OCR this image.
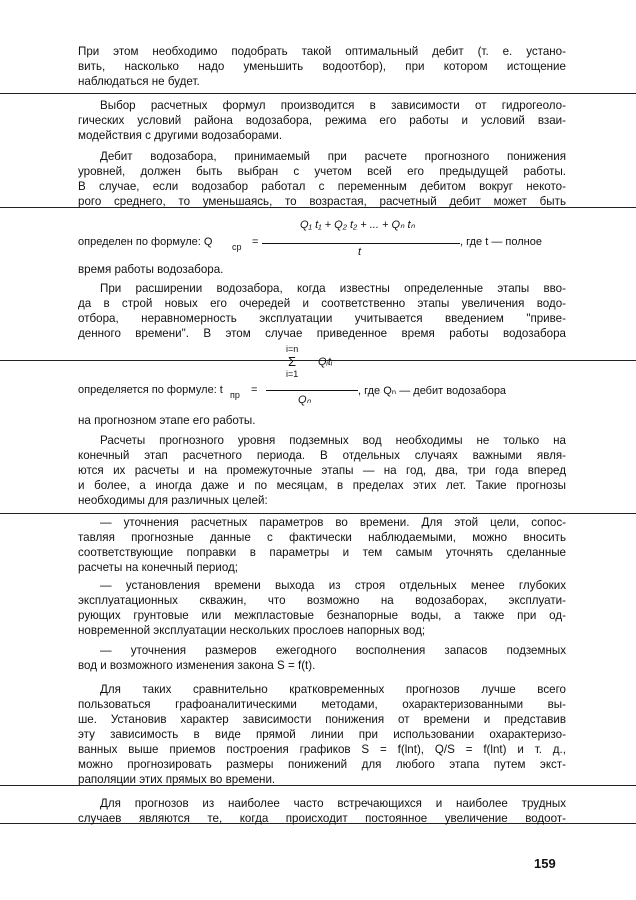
При этом необходимо подобрать такой оптимальный дебит (т. е. устано-
вить, насколько надо уменьшить водоотбор), при котором истощение
наблюдаться не будет.
Выбор расчетных формул производится в зависимости от гидрогеоло-
гических условий района водозабора, режима его работы и условий взаи-
модействия с другими водозаборами.
Дебит водозабора, принимаемый при расчете прогнозного понижения
уровней, должен быть выбран с учетом всей его предыдущей работы.
В случае, если водозабор работал с переменным дебитом вокруг некото-
рого среднего, то уменьшаясь, то возрастая, расчетный дебит может быть
определен по формуле: Q ср =
Q₁ t₁ + Q₂ t₂ + ... + Qₙ tₙ
t
, где t — полное
время работы водозабора.
При расширении водозабора, когда известны определенные этапы вво-
да в строй новых его очередей и соответственно этапы увеличения водо-
отбора, неравномерность эксплуатации учитывается введением "приве-
денного времени". В этом случае приведенное время работы водозабора
i=n
Σ Qᵢtᵢ
i=1
определяется по формуле: t пр =
Qₙ
, где Qₙ — дебит водозабора
на прогнозном этапе его работы.
Расчеты прогнозного уровня подземных вод необходимы не только на
конечный этап расчетного периода. В отдельных случаях важными явля-
ются их расчеты и на промежуточные этапы — на год, два, три года вперед
и более, а иногда даже и по месяцам, в пределах этих лет. Такие прогнозы
необходимы для различных целей:
— уточнения расчетных параметров во времени. Для этой цели, сопос-
тавляя прогнозные данные с фактически наблюдаемыми, можно вносить
соответствующие поправки в параметры и тем самым уточнять сделанные
расчеты на конечный период;
— установления времени выхода из строя отдельных менее глубоких
эксплуатационных скважин, что возможно на водозаборах, эксплуати-
рующих грунтовые или межпластовые безнапорные воды, а также при од-
новременной эксплуатации нескольких прослоев напорных вод;
— уточнения размеров ежегодного восполнения запасов подземных
вод и возможного изменения закона S = f(t).
Для таких сравнительно кратковременных прогнозов лучше всего
пользоваться графоаналитическими методами, охарактеризованными вы-
ше. Установив характер зависимости понижения от времени и представив
эту зависимость в виде прямой линии при использовании охарактеризо-
ванных выше приемов построения графиков S = f(lnt), Q/S = f(lnt) и т. д.,
можно прогнозировать размеры понижений для любого этапа путем экст-
раполяции этих прямых во времени.
Для прогнозов из наиболее часто встречающихся и наиболее трудных
случаев являются те, когда происходит постоянное увеличение водоот-
159
